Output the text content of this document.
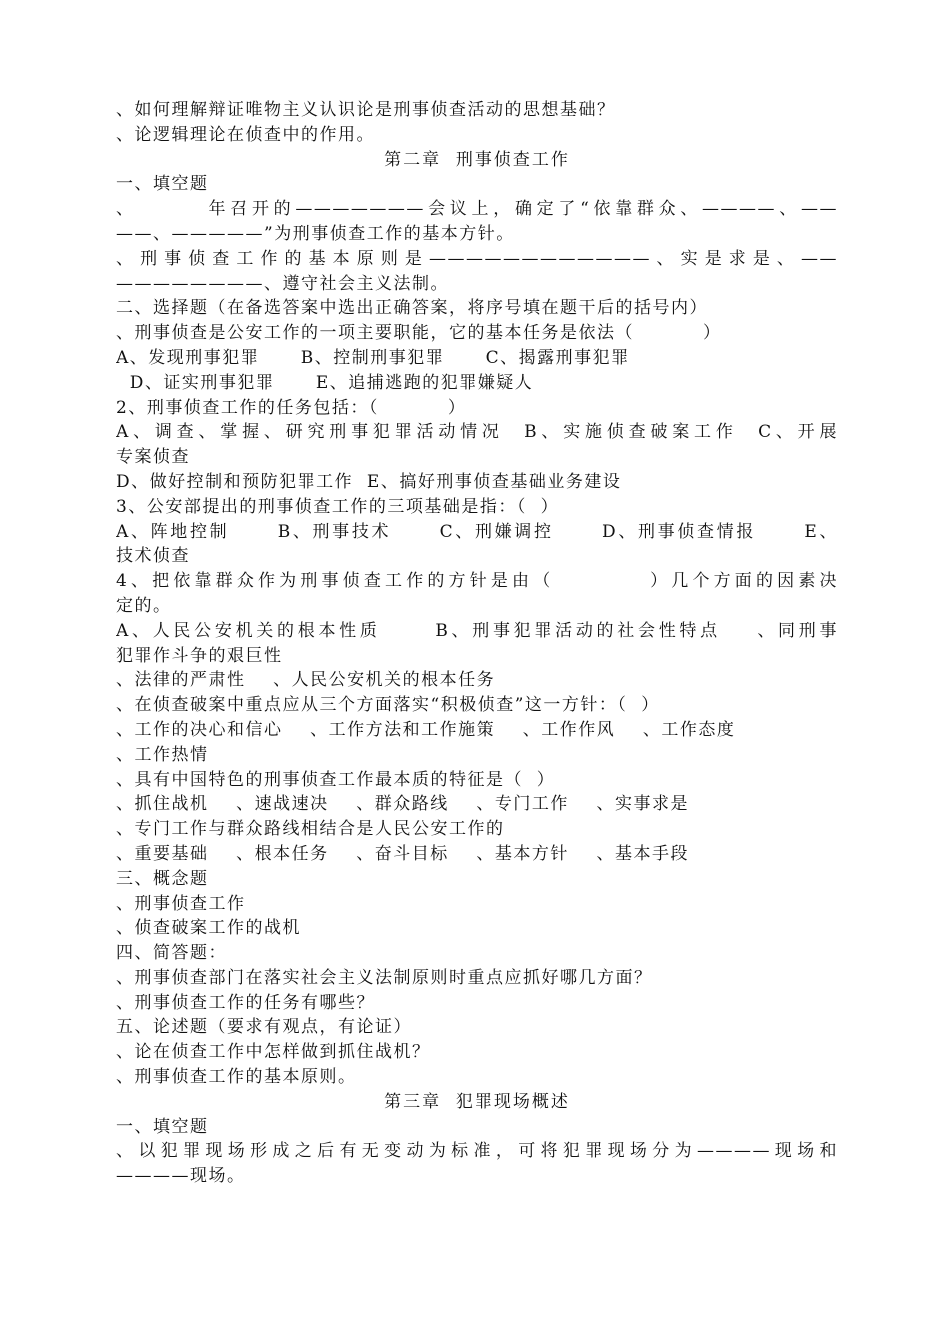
、如何理解辩证唯物主义认识论是刑事侦查活动的思想基础？
、论逻辑理论在侦查中的作用。
第二章  刑事侦查工作
一、填空题
、       年召开的———————会议上，确定了“依靠群众、————、——
——、—————”为刑事侦查工作的基本方针。
、刑事侦查工作的基本原则是————————————、实是求是、——
————————、遵守社会主义法制。
二、选择题（在备选答案中选出正确答案，将序号填在题干后的括号内）
、刑事侦查是公安工作的一项主要职能，它的基本任务是依法（          ）
A、发现刑事犯罪      B、控制刑事犯罪      C、揭露刑事犯罪
D、证实刑事犯罪      E、追捕逃跑的犯罪嫌疑人
2、刑事侦查工作的任务包括：（          ）
A、调查、掌握、研究刑事犯罪活动情况  B、实施侦查破案工作  C、开展
专案侦查
D、做好控制和预防犯罪工作  E、搞好刑事侦查基础业务建设
3、公安部提出的刑事侦查工作的三项基础是指：（  ）
A、阵地控制      B、刑事技术      C、刑嫌调控      D、刑事侦查情报      E、
技术侦查
4、把依靠群众作为刑事侦查工作的方针是由（          ）几个方面的因素决
定的。
A、人民公安机关的根本性质      B、刑事犯罪活动的社会性特点    、同刑事
犯罪作斗争的艰巨性
、法律的严肃性    、人民公安机关的根本任务
、在侦查破案中重点应从三个方面落实“积极侦查”这一方针：（  ）
、工作的决心和信心    、工作方法和工作施策    、工作作风    、工作态度
、工作热情
、具有中国特色的刑事侦查工作最本质的特征是（  ）
、抓住战机    、速战速决    、群众路线    、专门工作    、实事求是
、专门工作与群众路线相结合是人民公安工作的
、重要基础    、根本任务    、奋斗目标    、基本方针    、基本手段
三、概念题
、刑事侦查工作
、侦查破案工作的战机
四、简答题：
、刑事侦查部门在落实社会主义法制原则时重点应抓好哪几方面？
、刑事侦查工作的任务有哪些？
五、论述题（要求有观点，有论证）
、论在侦查工作中怎样做到抓住战机？
、刑事侦查工作的基本原则。
第三章  犯罪现场概述
一、填空题
、以犯罪现场形成之后有无变动为标准，可将犯罪现场分为————现场和
————现场。
